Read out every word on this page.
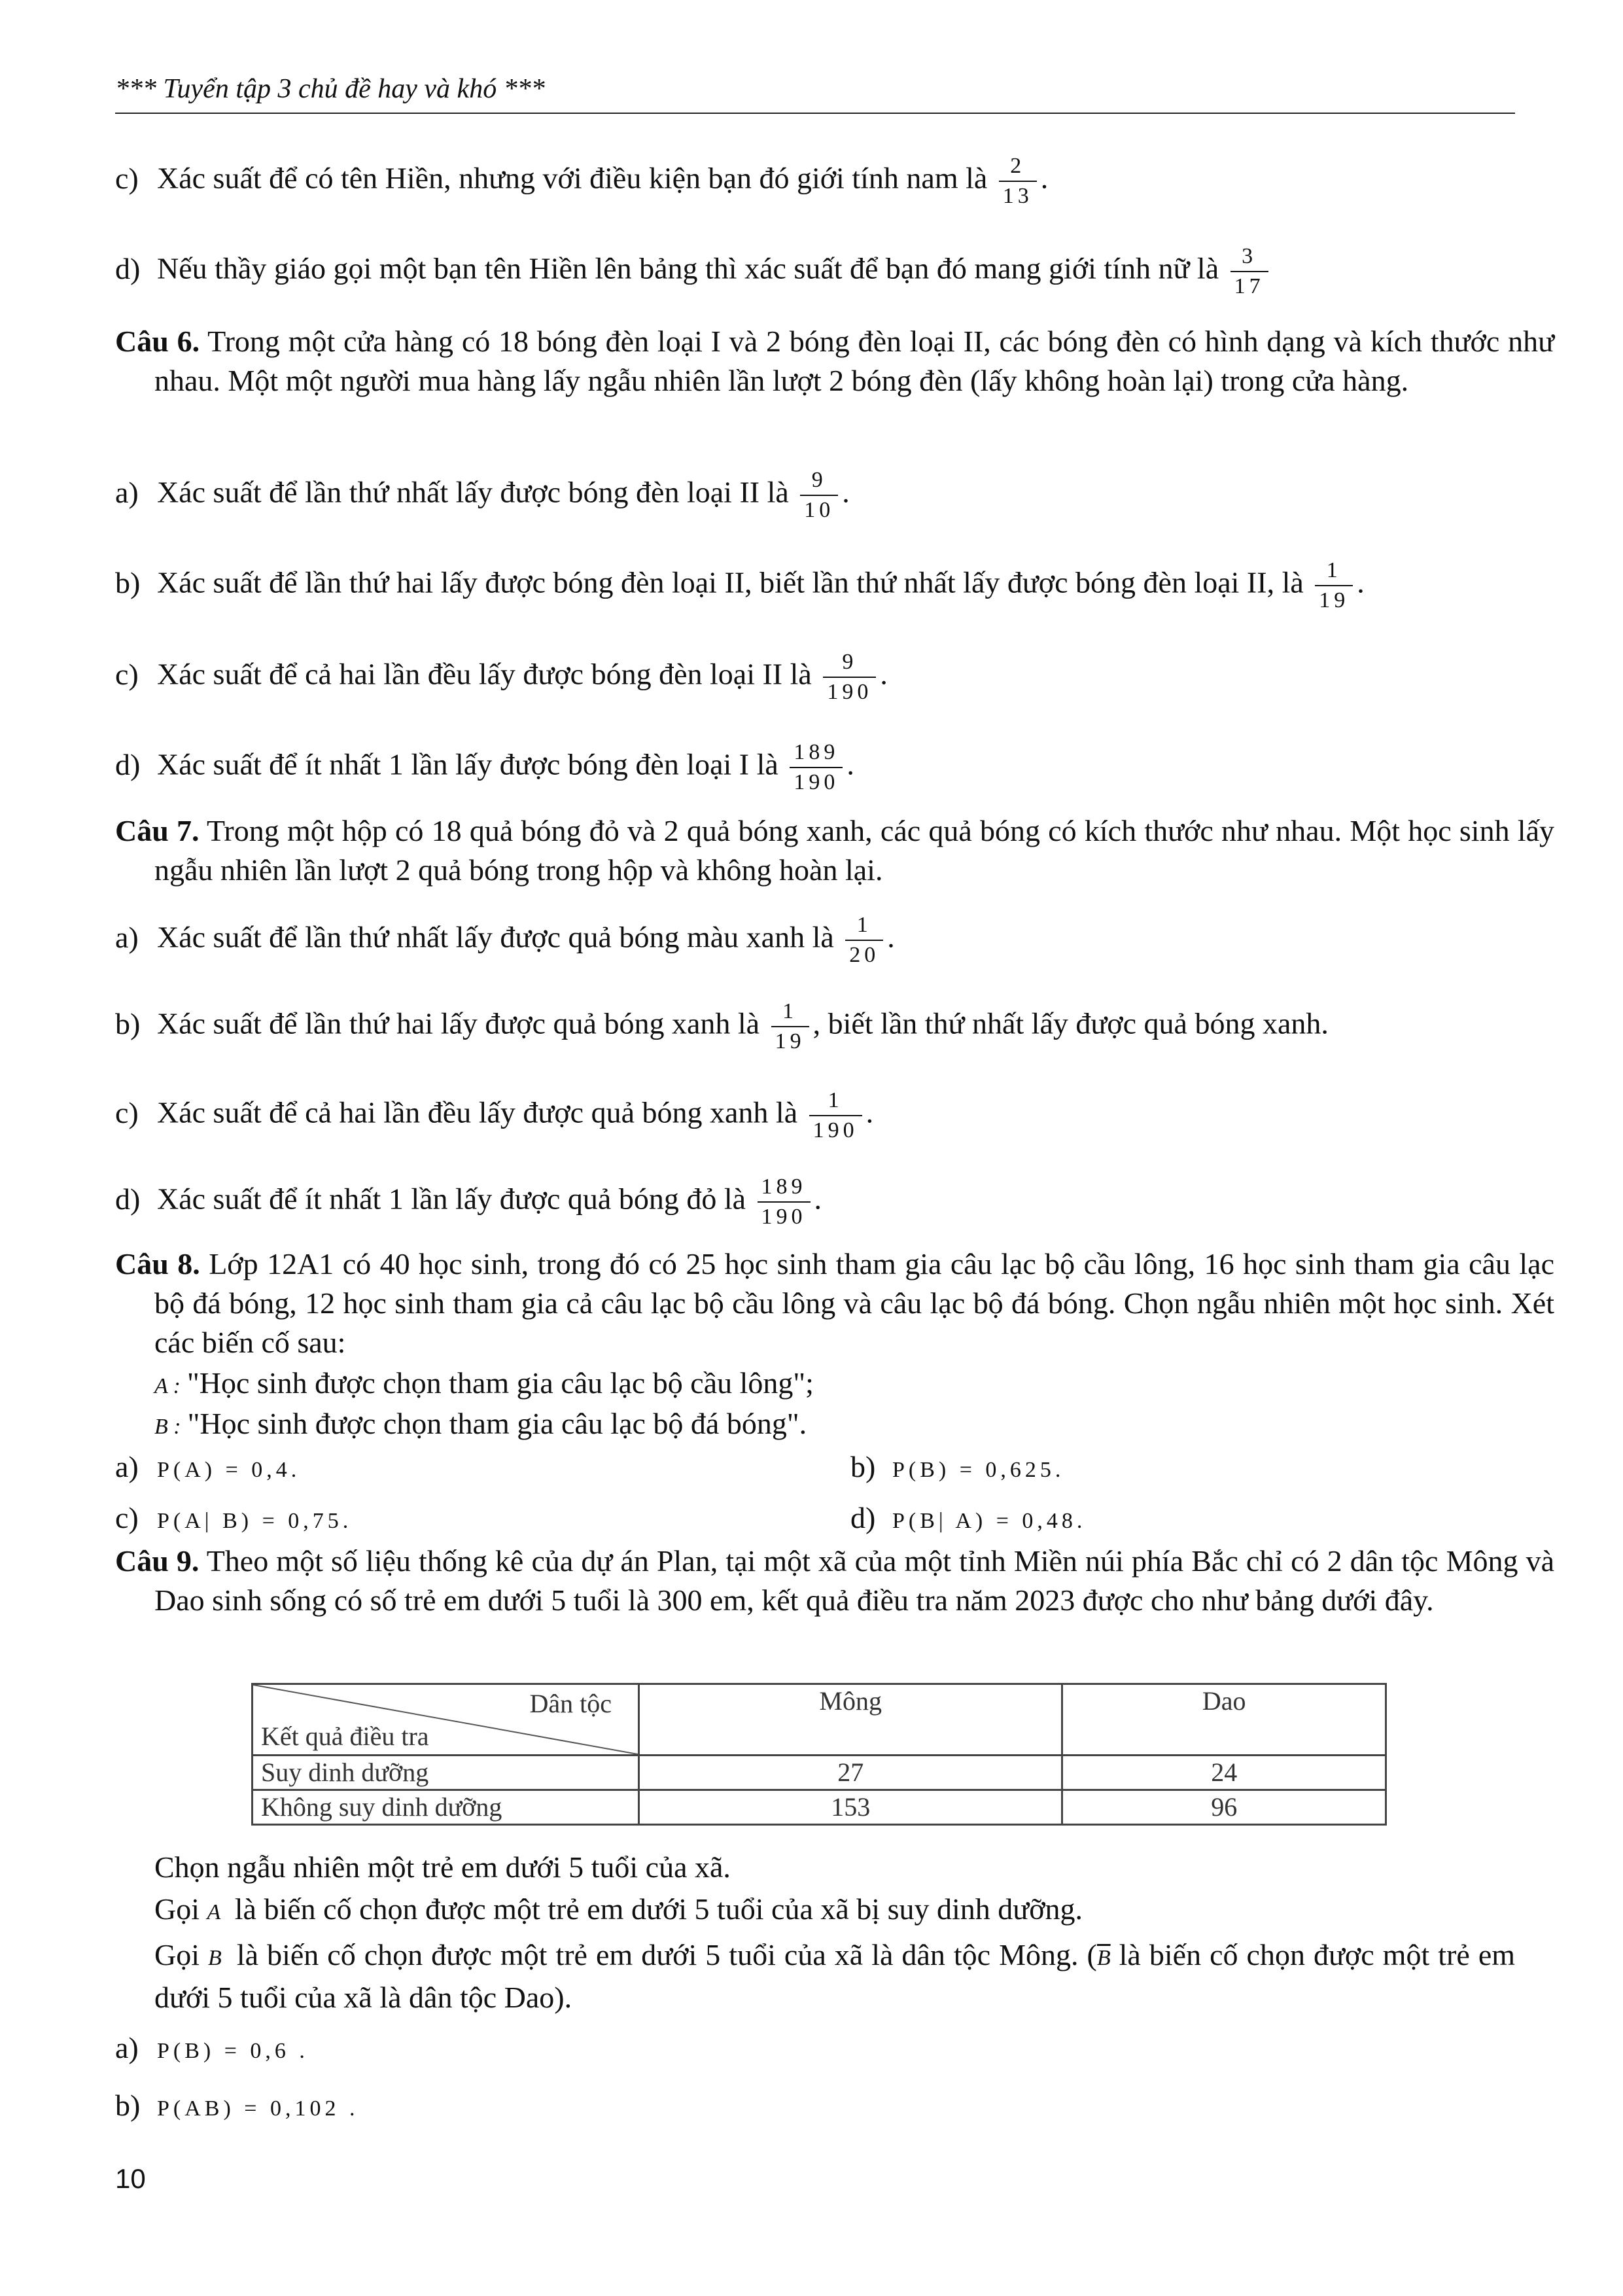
*** Tuyển tập 3 chủ đề hay và khó ***
c) Xác suất để có tên Hiền, nhưng với điều kiện bạn đó giới tính nam là $\frac{2}{13}$ .
d) Nếu thầy giáo gọi một bạn tên Hiền lên bảng thì xác suất để bạn đó mang giới tính nữ là $\frac{3}{17}$
Câu 6. Trong một cửa hàng có 18 bóng đèn loại I và 2 bóng đèn loại II, các bóng đèn có hình dạng và kích thước như nhau. Một một người mua hàng lấy ngẫu nhiên lần lượt 2 bóng đèn (lấy không hoàn lại) trong cửa hàng.
a) Xác suất để lần thứ nhất lấy được bóng đèn loại II là $\frac{9}{10}$ .
b) Xác suất để lần thứ hai lấy được bóng đèn loại II, biết lần thứ nhất lấy được bóng đèn loại II, là $\frac{1}{19}$ .
c) Xác suất để cả hai lần đều lấy được bóng đèn loại II là $\frac{9}{190}$ .
d) Xác suất để ít nhất 1 lần lấy được bóng đèn loại I là $\frac{189}{190}$ .
Câu 7. Trong một hộp có 18 quả bóng đỏ và 2 quả bóng xanh, các quả bóng có kích thước như nhau. Một học sinh lấy ngẫu nhiên lần lượt 2 quả bóng trong hộp và không hoàn lại.
a) Xác suất để lần thứ nhất lấy được quả bóng màu xanh là $\frac{1}{20}$ .
b) Xác suất để lần thứ hai lấy được quả bóng xanh là $\frac{1}{19}$ , biết lần thứ nhất lấy được quả bóng xanh.
c) Xác suất để cả hai lần đều lấy được quả bóng xanh là $\frac{1}{190}$ .
d) Xác suất để ít nhất 1 lần lấy được quả bóng đỏ là $\frac{189}{190}$ .
Câu 8. Lớp 12A1 có 40 học sinh, trong đó có 25 học sinh tham gia câu lạc bộ cầu lông, 16 học sinh tham gia câu lạc bộ đá bóng, 12 học sinh tham gia cả câu lạc bộ cầu lông và câu lạc bộ đá bóng. Chọn ngẫu nhiên một học sinh. Xét các biến cố sau:
A : "Học sinh được chọn tham gia câu lạc bộ cầu lông";
B : "Học sinh được chọn tham gia câu lạc bộ đá bóng".
a) P(A) = 0,4.	b) P(B) = 0,625.
c) P(A| B) = 0,75.	d) P(B| A) = 0,48.
Câu 9. Theo một số liệu thống kê của dự án Plan, tại một xã của một tỉnh Miền núi phía Bắc chỉ có 2 dân tộc Mông và Dao sinh sống có số trẻ em dưới 5 tuổi là 300 em, kết quả điều tra năm 2023 được cho như bảng dưới đây.
Dân tộc
Kết quả điều tra	Mông	Dao
Suy dinh dưỡng	27	24
Không suy dinh dưỡng	153	96
Chọn ngẫu nhiên một trẻ em dưới 5 tuổi của xã.
Gọi A là biến cố chọn được một trẻ em dưới 5 tuổi của xã bị suy dinh dưỡng.
Gọi B là biến cố chọn được một trẻ em dưới 5 tuổi của xã là dân tộc Mông. ($\overline{B}$ là biến cố chọn được một trẻ em dưới 5 tuổi của xã là dân tộc Dao).
a) P(B) = 0,6 .
b) P(AB) = 0,102 .
10
